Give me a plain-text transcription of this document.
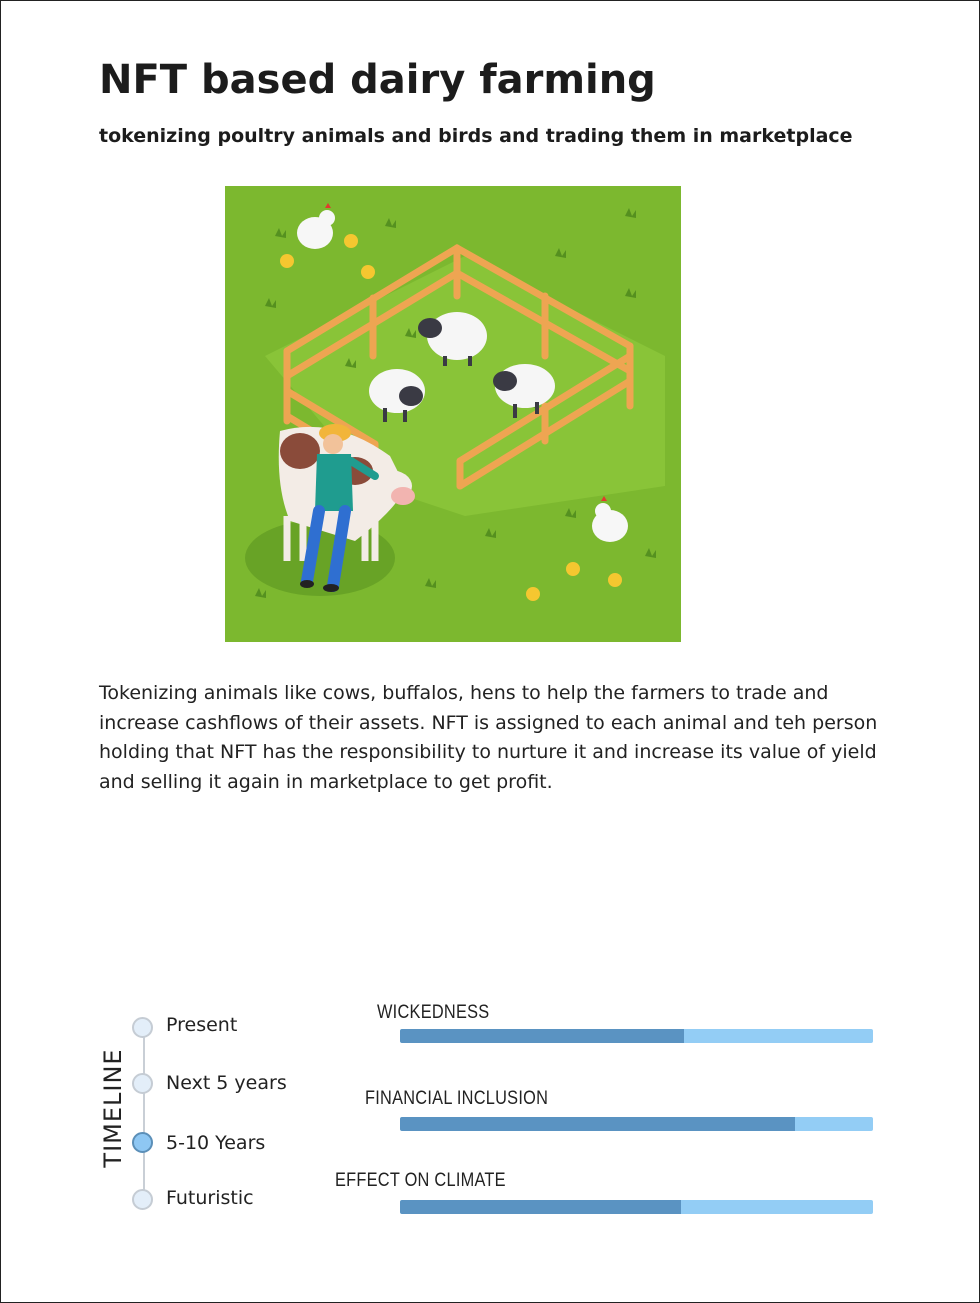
NFT based dairy farming
tokenizing poultry animals and birds and trading them in marketplace
Tokenizing animals like cows, buffalos, hens to help the farmers to trade and increase cashflows of their assets. NFT is assigned to each animal and teh person holding that NFT has the responsibility to nurture it and increase its value of yield and selling it again in marketplace to get profit.
TIMELINE
Present
Next 5 years
5-10 Years
Futuristic
WICKEDNESS
FINANCIAL INCLUSION
EFFECT ON CLIMATE
